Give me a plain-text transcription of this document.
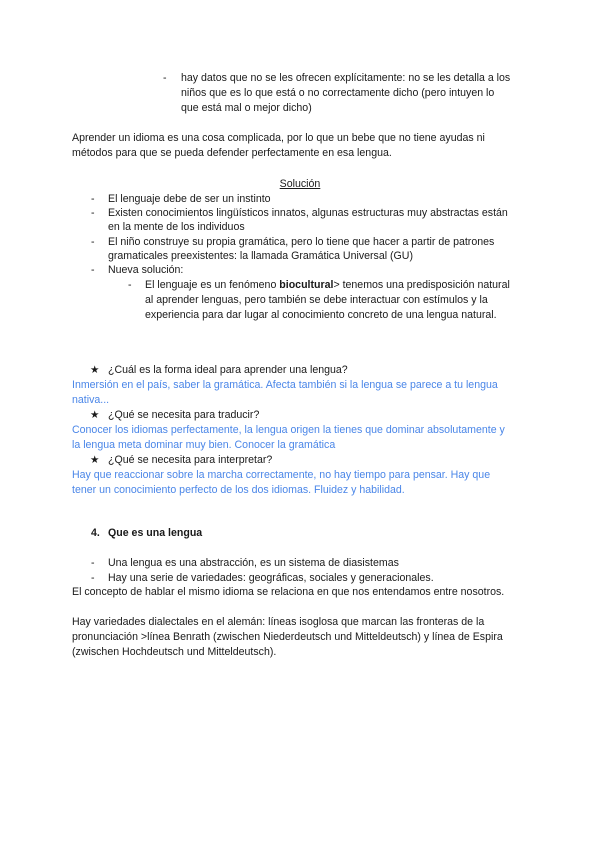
- hay datos que no se les ofrecen explícitamente: no se les detalla a los
niños que es lo que está o no correctamente dicho (pero intuyen lo
que está mal o mejor dicho)
Aprender un idioma es una cosa complicada, por lo que un bebe que no tiene ayudas ni
métodos para que se pueda defender perfectamente en esa lengua.
Solución
- El lenguaje debe de ser un instinto
- Existen conocimientos lingüísticos innatos, algunas estructuras muy abstractas están
en la mente de los individuos
- El niño construye su propia gramática, pero lo tiene que hacer a partir de patrones
gramaticales preexistentes: la llamada Gramática Universal (GU)
- Nueva solución:
- El lenguaje es un fenómeno biocultural> tenemos una predisposición natural
al aprender lenguas, pero también se debe interactuar con estímulos y la
experiencia para dar lugar al conocimiento concreto de una lengua natural.
★ ¿Cuál es la forma ideal para aprender una lengua?
Inmersión en el país, saber la gramática. Afecta también si la lengua se parece a tu lengua
nativa...
★ ¿Qué se necesita para traducir?
Conocer los idiomas perfectamente, la lengua origen la tienes que dominar absolutamente y
la lengua meta dominar muy bien. Conocer la gramática
★ ¿Qué se necesita para interpretar?
Hay que reaccionar sobre la marcha correctamente, no hay tiempo para pensar. Hay que
tener un conocimiento perfecto de los dos idiomas. Fluidez y habilidad.
4. Que es una lengua
- Una lengua es una abstracción, es un sistema de diasistemas
- Hay una serie de variedades: geográficas, sociales y generacionales.
El concepto de hablar el mismo idioma se relaciona en que nos entendamos entre nosotros.
Hay variedades dialectales en el alemán: líneas isoglosa que marcan las fronteras de la
pronunciación >línea Benrath (zwischen Niederdeutsch und Mitteldeutsch) y línea de Espira
(zwischen Hochdeutsch und Mitteldeutsch).
